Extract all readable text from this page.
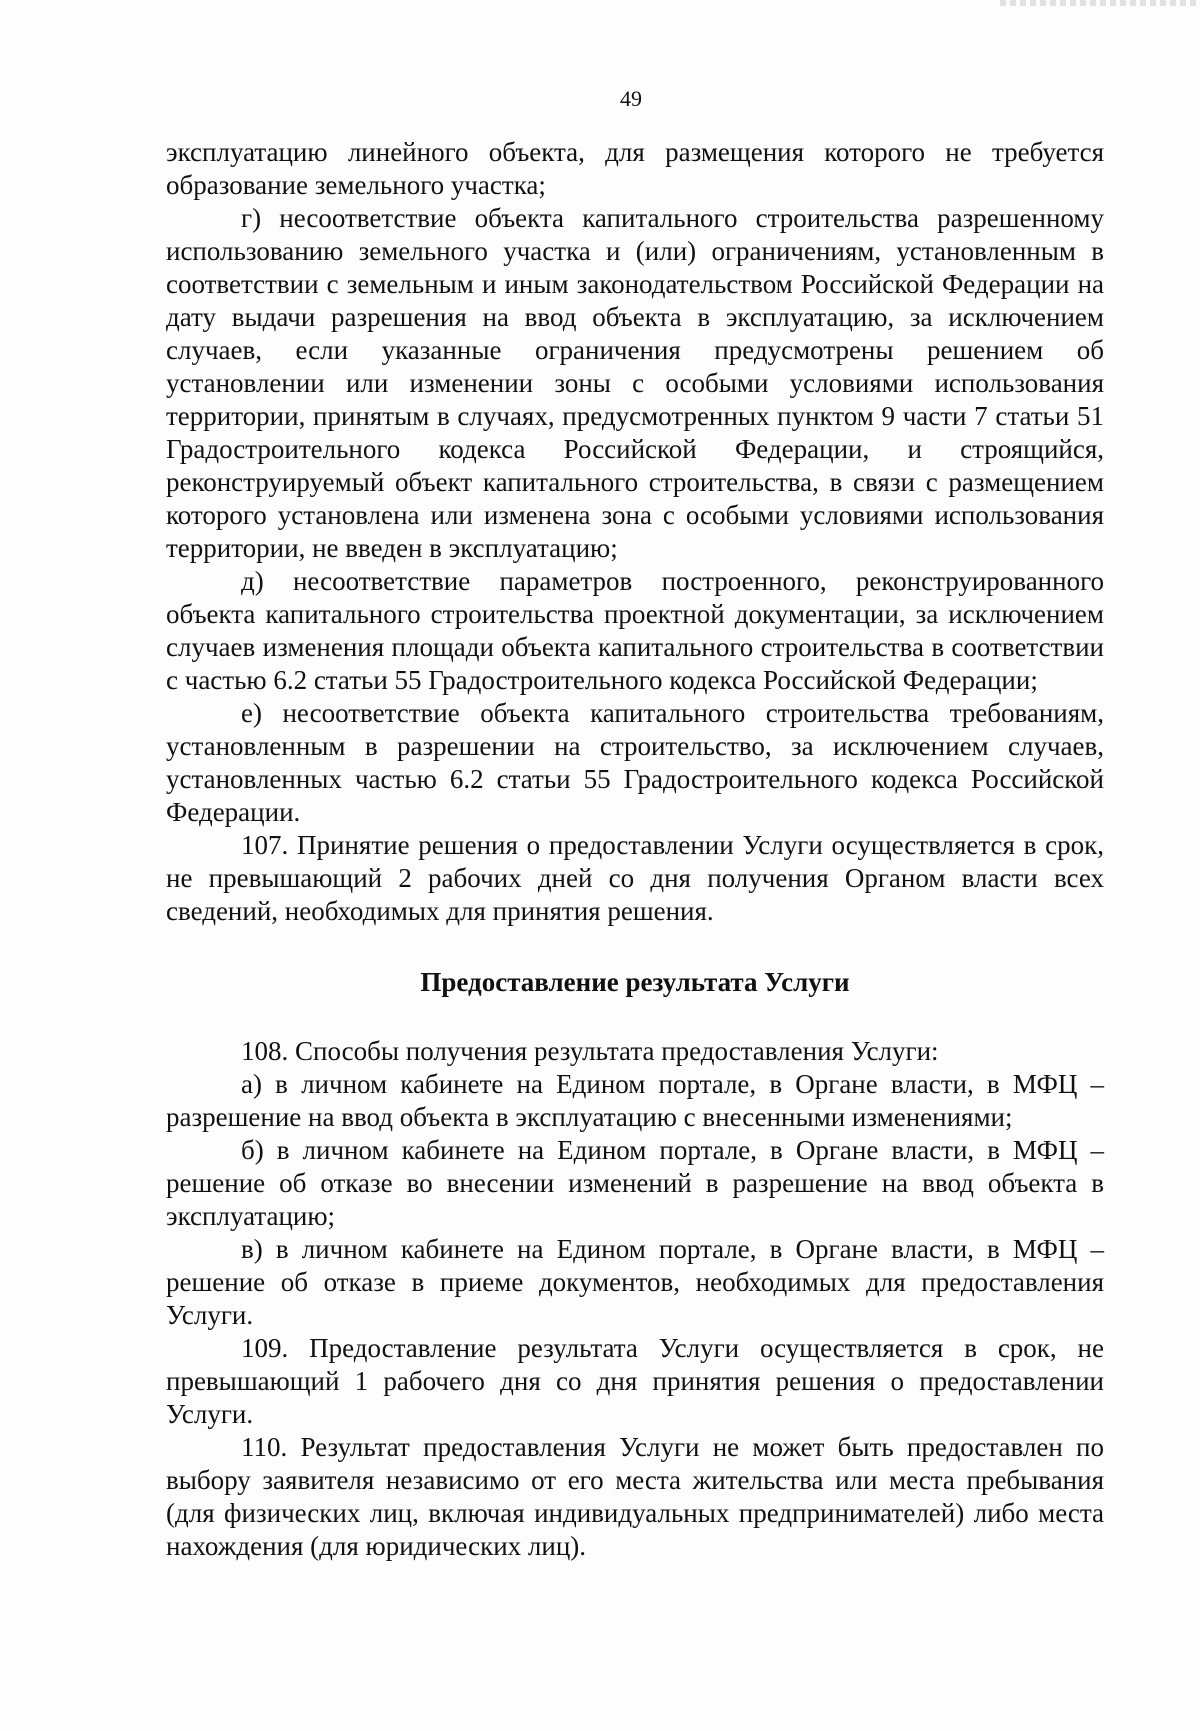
49

эксплуатацию линейного объекта, для размещения которого не требуется образование земельного участка;

г) несоответствие объекта капитального строительства разрешенному использованию земельного участка и (или) ограничениям, установленным в соответствии с земельным и иным законодательством Российской Федерации на дату выдачи разрешения на ввод объекта в эксплуатацию, за исключением случаев, если указанные ограничения предусмотрены решением об установлении или изменении зоны с особыми условиями использования территории, принятым в случаях, предусмотренных пунктом 9 части 7 статьи 51 Градостроительного кодекса Российской Федерации, и строящийся, реконструируемый объект капитального строительства, в связи с размещением которого установлена или изменена зона с особыми условиями использования территории, не введен в эксплуатацию;

д) несоответствие параметров построенного, реконструированного объекта капитального строительства проектной документации, за исключением случаев изменения площади объекта капитального строительства в соответствии с частью 6.2 статьи 55 Градостроительного кодекса Российской Федерации;

е) несоответствие объекта капитального строительства требованиям, установленным в разрешении на строительство, за исключением случаев, установленных частью 6.2 статьи 55 Градостроительного кодекса Российской Федерации.

107. Принятие решения о предоставлении Услуги осуществляется в срок, не превышающий 2 рабочих дней со дня получения Органом власти всех сведений, необходимых для принятия решения.

Предоставление результата Услуги

108. Способы получения результата предоставления Услуги:

а) в личном кабинете на Едином портале, в Органе власти, в МФЦ – разрешение на ввод объекта в эксплуатацию с внесенными изменениями;

б) в личном кабинете на Едином портале, в Органе власти, в МФЦ – решение об отказе во внесении изменений в разрешение на ввод объекта в эксплуатацию;

в) в личном кабинете на Едином портале, в Органе власти, в МФЦ – решение об отказе в приеме документов, необходимых для предоставления Услуги.

109. Предоставление результата Услуги осуществляется в срок, не превышающий 1 рабочего дня со дня принятия решения о предоставлении Услуги.

110. Результат предоставления Услуги не может быть предоставлен по выбору заявителя независимо от его места жительства или места пребывания (для физических лиц, включая индивидуальных предпринимателей) либо места нахождения (для юридических лиц).
